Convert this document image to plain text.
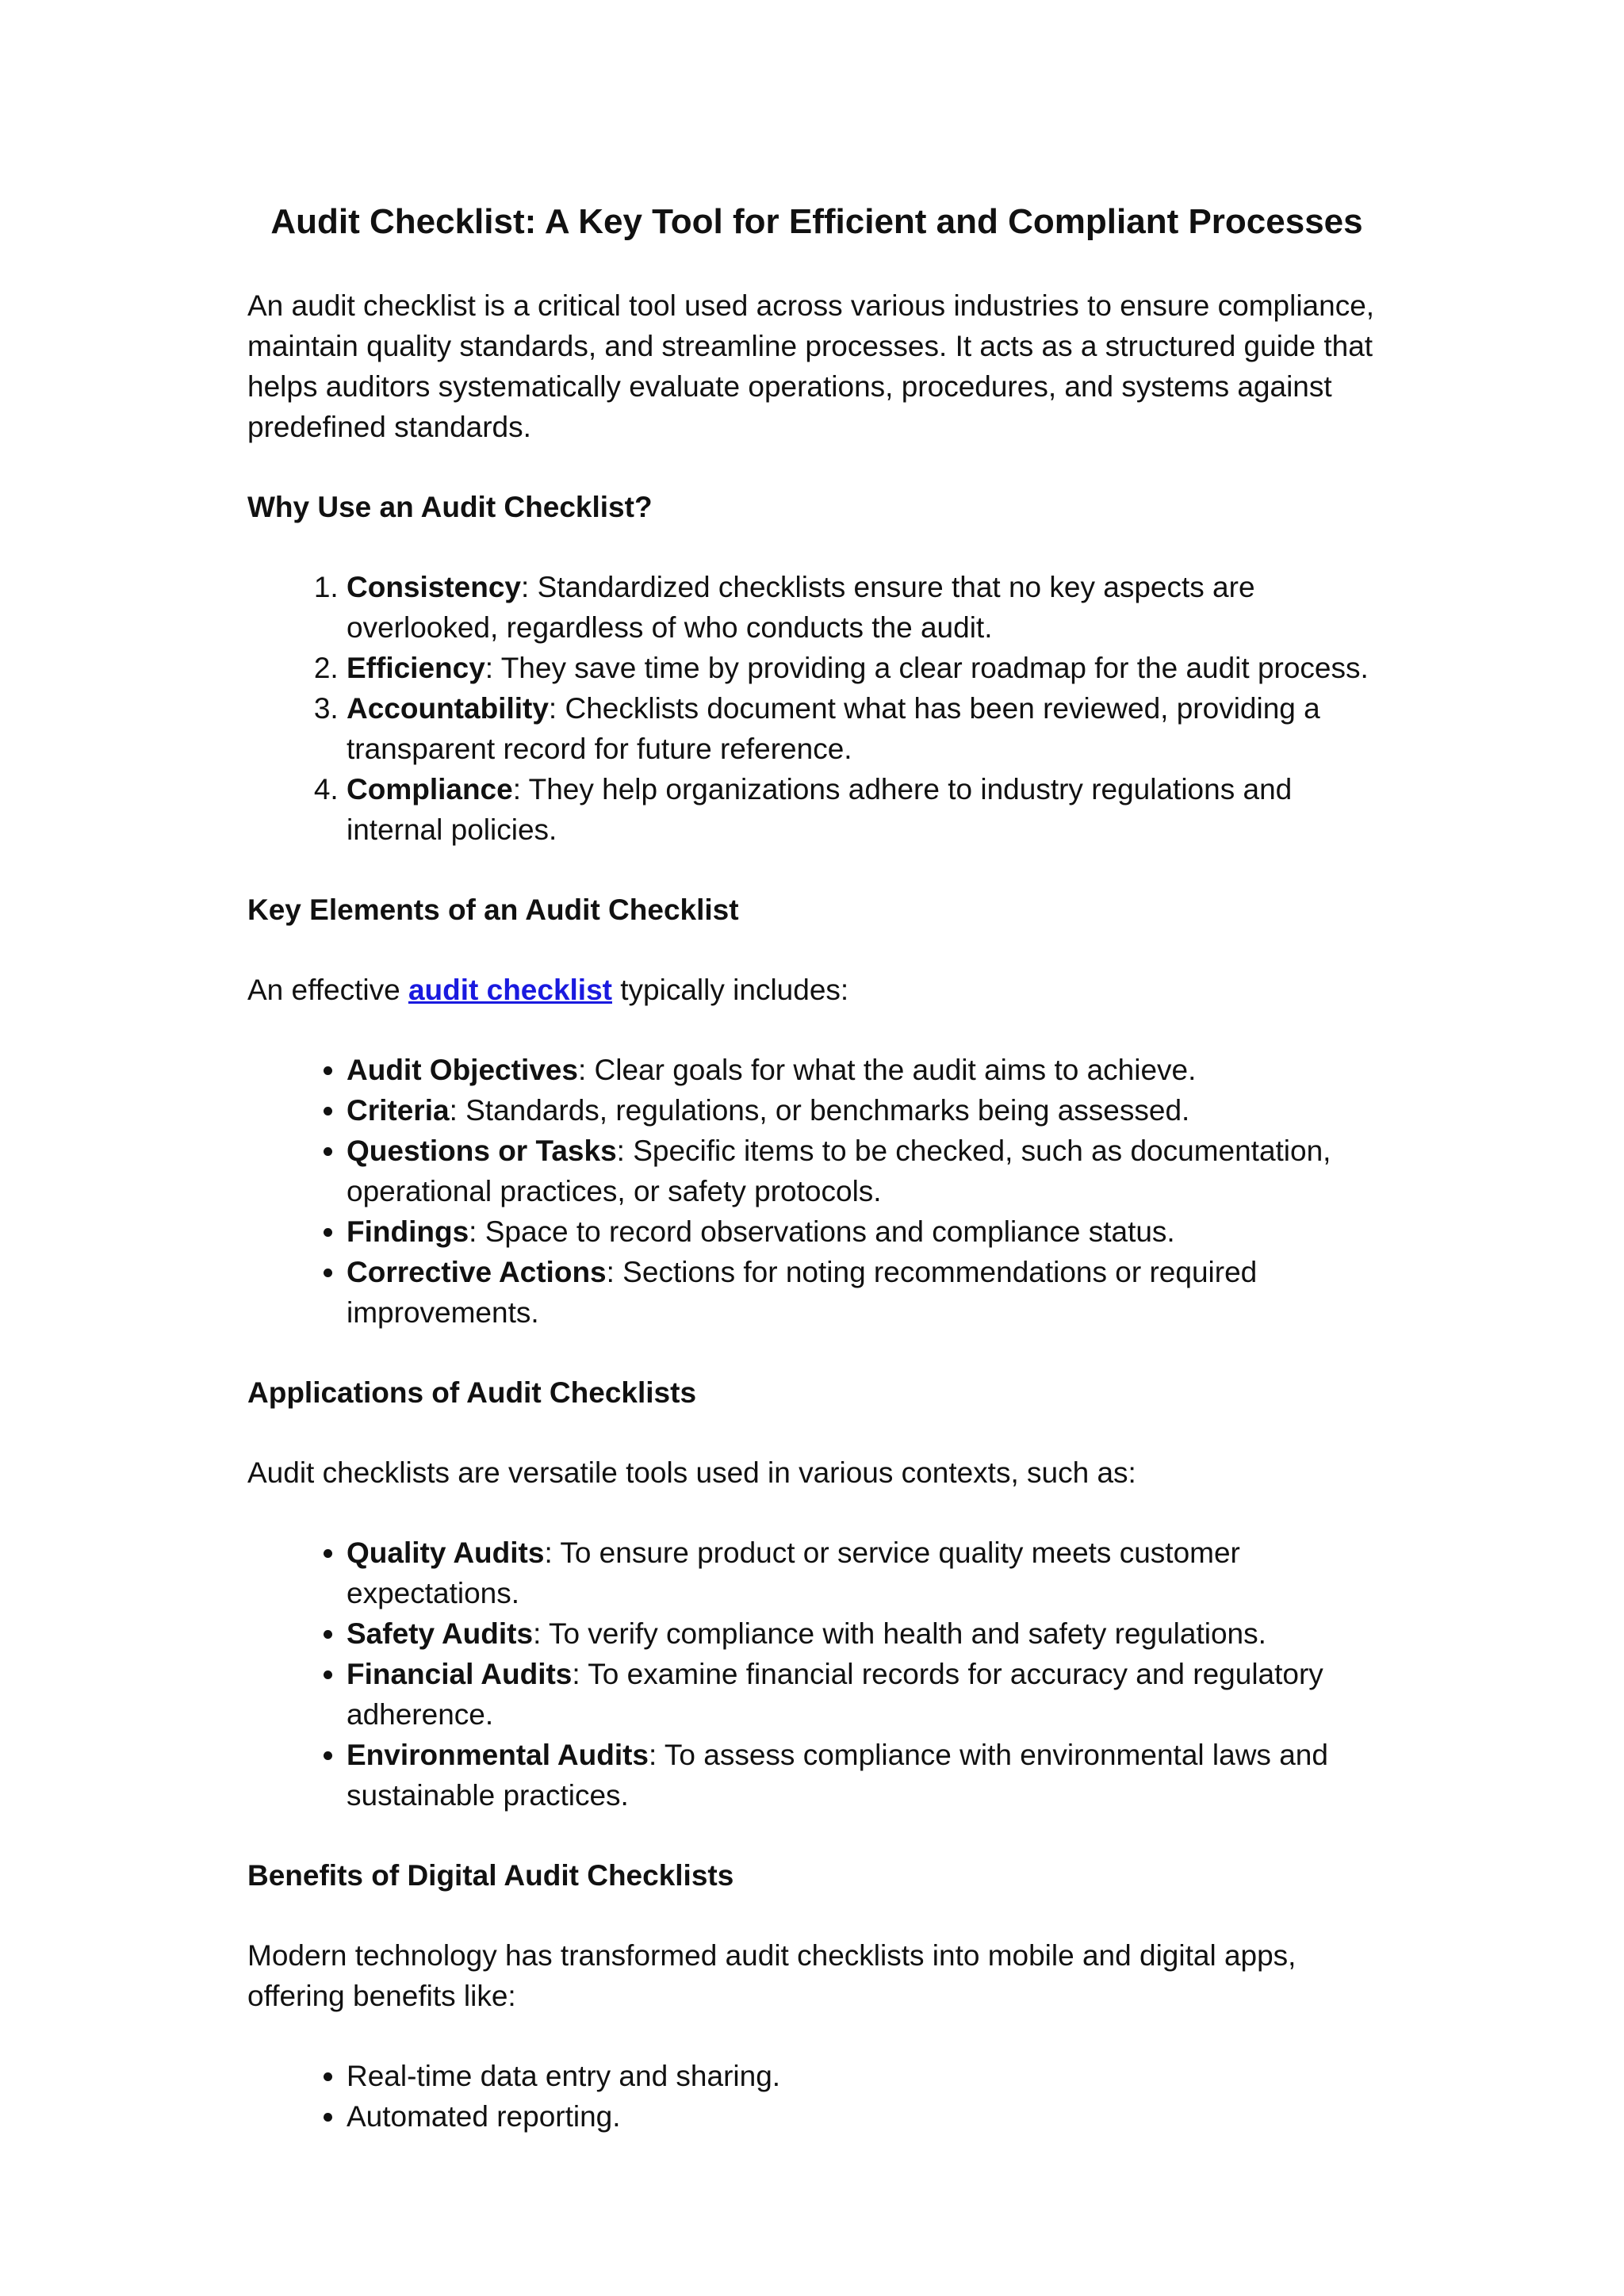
Audit Checklist: A Key Tool for Efficient and Compliant Processes

An audit checklist is a critical tool used across various industries to ensure compliance, maintain quality standards, and streamline processes. It acts as a structured guide that helps auditors systematically evaluate operations, procedures, and systems against predefined standards.

Why Use an Audit Checklist?
1. Consistency: Standardized checklists ensure that no key aspects are overlooked, regardless of who conducts the audit.
2. Efficiency: They save time by providing a clear roadmap for the audit process.
3. Accountability: Checklists document what has been reviewed, providing a transparent record for future reference.
4. Compliance: They help organizations adhere to industry regulations and internal policies.
Key Elements of an Audit Checklist

An effective audit checklist typically includes:

• Audit Objectives: Clear goals for what the audit aims to achieve.
• Criteria: Standards, regulations, or benchmarks being assessed.
• Questions or Tasks: Specific items to be checked, such as documentation, operational practices, or safety protocols.
• Findings: Space to record observations and compliance status.
• Corrective Actions: Sections for noting recommendations or required improvements.
Applications of Audit Checklists

Audit checklists are versatile tools used in various contexts, such as:

• Quality Audits: To ensure product or service quality meets customer expectations.
• Safety Audits: To verify compliance with health and safety regulations.
• Financial Audits: To examine financial records for accuracy and regulatory adherence.
• Environmental Audits: To assess compliance with environmental laws and sustainable practices.
Benefits of Digital Audit Checklists

Modern technology has transformed audit checklists into mobile and digital apps, offering benefits like:

• Real-time data entry and sharing.
• Automated reporting.
